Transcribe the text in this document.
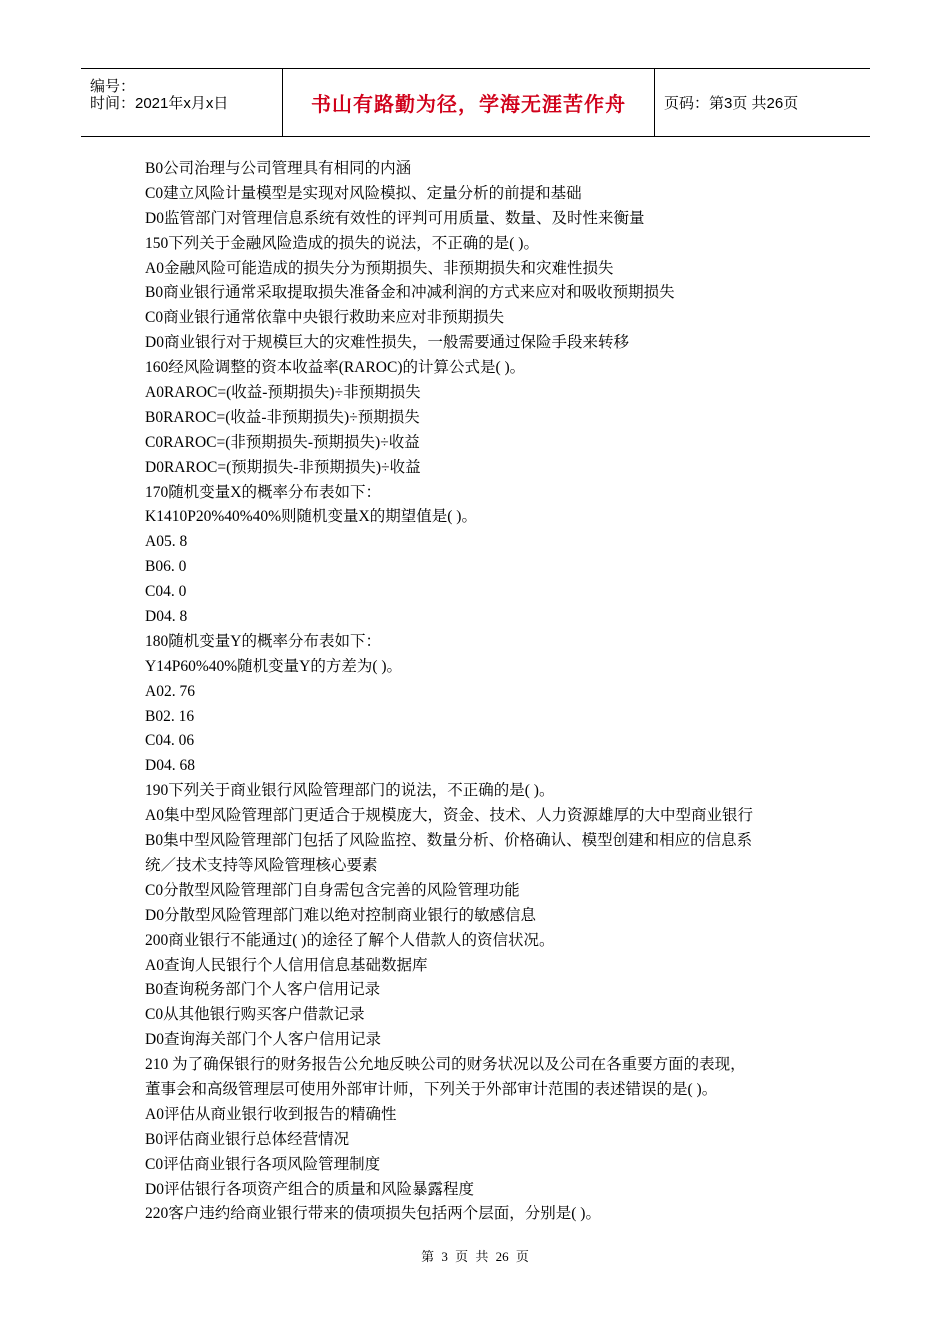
编号：
时间：2021年x月x日	书山有路勤为径，学海无涯苦作舟	页码：第3页 共26页
B0公司治理与公司管理具有相同的内涵
C0建立风险计量模型是实现对风险模拟、定量分析的前提和基础
D0监管部门对管理信息系统有效性的评判可用质量、数量、及时性来衡量
150下列关于金融风险造成的损失的说法，不正确的是( )。
A0金融风险可能造成的损失分为预期损失、非预期损失和灾难性损失
B0商业银行通常采取提取损失准备金和冲减利润的方式来应对和吸收预期损失
C0商业银行通常依靠中央银行救助来应对非预期损失
D0商业银行对于规模巨大的灾难性损失，一般需要通过保险手段来转移
160经风险调整的资本收益率(RAROC)的计算公式是( )。
A0RAROC=(收益-预期损失)÷非预期损失
B0RAROC=(收益-非预期损失)÷预期损失
C0RAROC=(非预期损失-预期损失)÷收益
D0RAROC=(预期损失-非预期损失)÷收益
170随机变量X的概率分布表如下：
K1410P20%40%40%则随机变量X的期望值是( )。
A05. 8
B06. 0
C04. 0
D04. 8
180随机变量Y的概率分布表如下：
Y14P60%40%随机变量Y的方差为( )。
A02. 76
B02. 16
C04. 06
D04. 68
190下列关于商业银行风险管理部门的说法，不正确的是( )。
A0集中型风险管理部门更适合于规模庞大，资金、技术、人力资源雄厚的大中型商业银行
B0集中型风险管理部门包括了风险监控、数量分析、价格确认、模型创建和相应的信息系
统／技术支持等风险管理核心要素
C0分散型风险管理部门自身需包含完善的风险管理功能
D0分散型风险管理部门难以绝对控制商业银行的敏感信息
200商业银行不能通过( )的途径了解个人借款人的资信状况。
A0查询人民银行个人信用信息基础数据库
B0查询税务部门个人客户信用记录
C0从其他银行购买客户借款记录
D0查询海关部门个人客户信用记录
210 为了确保银行的财务报告公允地反映公司的财务状况以及公司在各重要方面的表现，
董事会和高级管理层可使用外部审计师，下列关于外部审计范围的表述错误的是( )。
A0评估从商业银行收到报告的精确性
B0评估商业银行总体经营情况
C0评估商业银行各项风险管理制度
D0评估银行各项资产组合的质量和风险暴露程度
220客户违约给商业银行带来的债项损失包括两个层面，分别是( )。
第 3 页 共 26 页
